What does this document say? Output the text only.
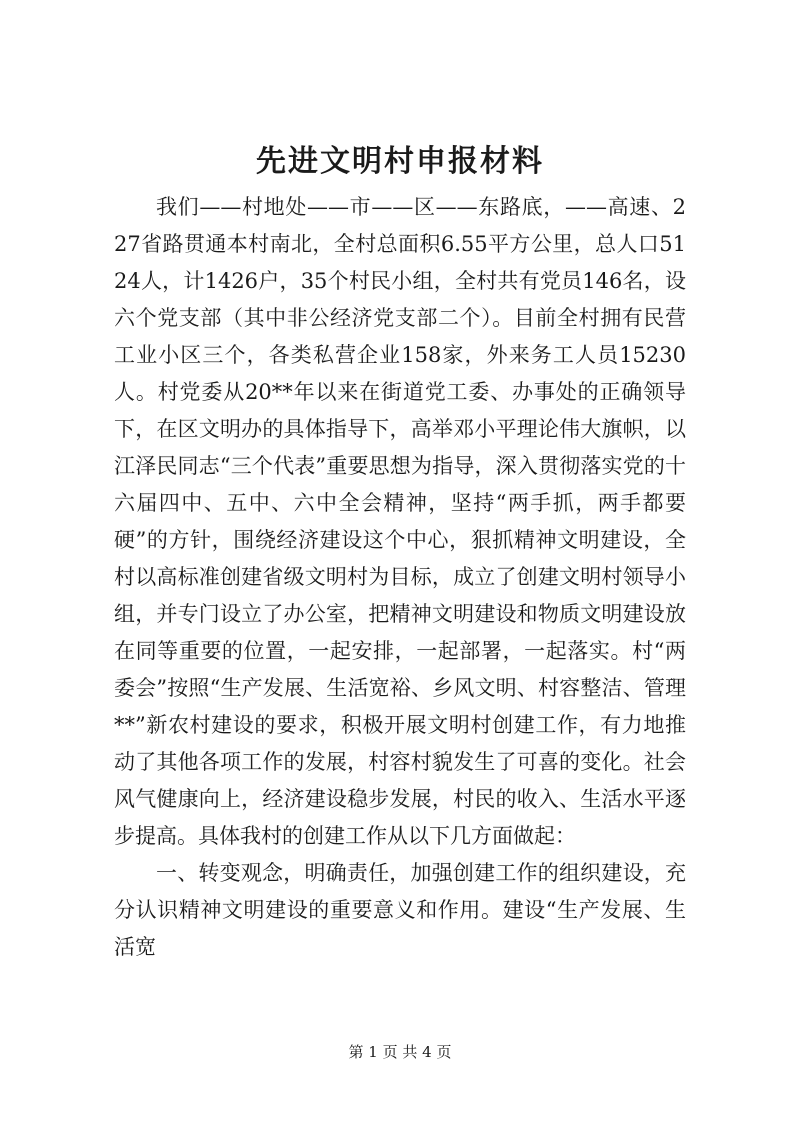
先进文明村申报材料

我们——村地处——市——区——东路底，——高速、227省路贯通本村南北，全村总面积6.55平方公里，总人口5124人，计1426户，35个村民小组，全村共有党员146名，设六个党支部（其中非公经济党支部二个）。目前全村拥有民营工业小区三个，各类私营企业158家，外来务工人员15230人。村党委从20**年以来在街道党工委、办事处的正确领导下，在区文明办的具体指导下，高举邓小平理论伟大旗帜，以江泽民同志“三个代表”重要思想为指导，深入贯彻落实党的十六届四中、五中、六中全会精神，坚持“两手抓，两手都要硬”的方针，围绕经济建设这个中心，狠抓精神文明建设，全村以高标准创建省级文明村为目标，成立了创建文明村领导小组，并专门设立了办公室，把精神文明建设和物质文明建设放在同等重要的位置，一起安排，一起部署，一起落实。村“两委会”按照“生产发展、生活宽裕、乡风文明、村容整洁、管理**”新农村建设的要求，积极开展文明村创建工作，有力地推动了其他各项工作的发展，村容村貌发生了可喜的变化。社会风气健康向上，经济建设稳步发展，村民的收入、生活水平逐步提高。具体我村的创建工作从以下几方面做起：

一、转变观念，明确责任，加强创建工作的组织建设，充分认识精神文明建设的重要意义和作用。建设“生产发展、生活宽

第 1 页 共 4 页
